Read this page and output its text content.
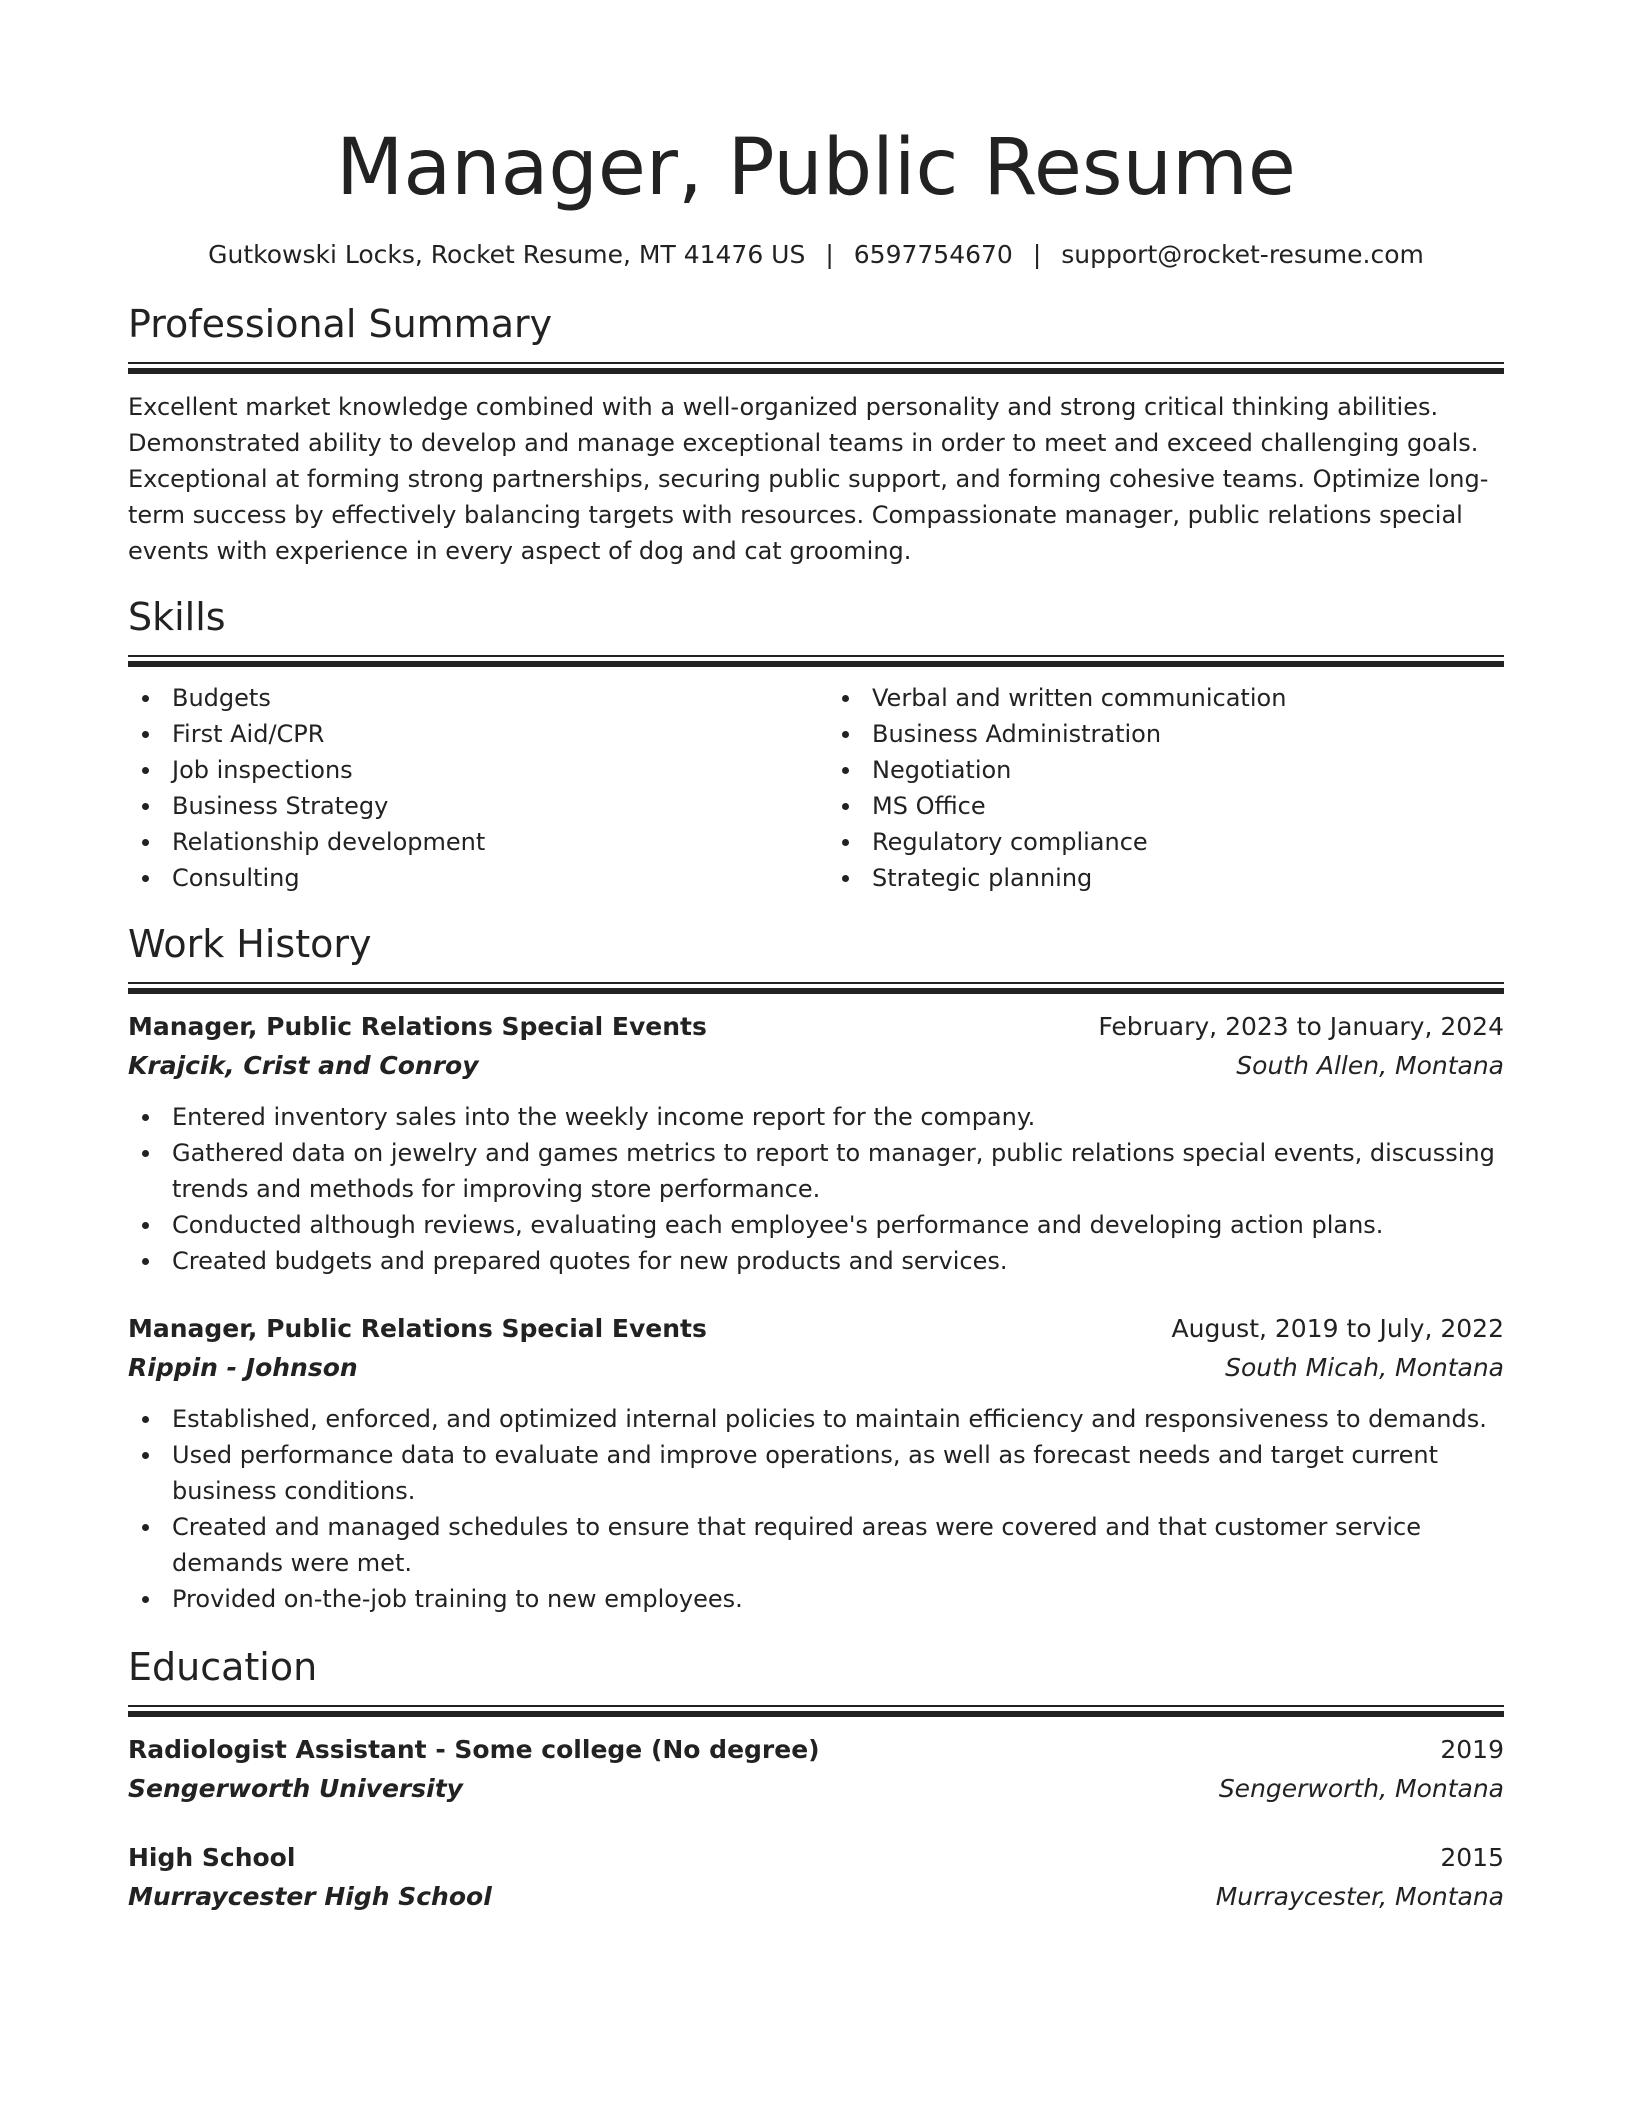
Manager, Public Resume
Gutkowski Locks, Rocket Resume, MT 41476 US | 6597754670 | support@rocket-resume.com
Professional Summary

Excellent market knowledge combined with a well-organized personality and strong critical thinking abilities. Demonstrated ability to develop and manage exceptional teams in order to meet and exceed challenging goals. Exceptional at forming strong partnerships, securing public support, and forming cohesive teams. Optimize long-term success by effectively balancing targets with resources. Compassionate manager, public relations special events with experience in every aspect of dog and cat grooming.

Skills
Budgets
First Aid/CPR
Job inspections
Business Strategy
Relationship development
Consulting
Verbal and written communication
Business Administration
Negotiation
MS Office
Regulatory compliance
Strategic planning
Work History
Manager, Public Relations Special Events	February, 2023 to January, 2024
Krajcik, Crist and Conroy	South Allen, Montana
Entered inventory sales into the weekly income report for the company.
Gathered data on jewelry and games metrics to report to manager, public relations special events, discussing trends and methods for improving store performance.
Conducted although reviews, evaluating each employee's performance and developing action plans.
Created budgets and prepared quotes for new products and services.
Manager, Public Relations Special Events	August, 2019 to July, 2022
Rippin - Johnson	South Micah, Montana
Established, enforced, and optimized internal policies to maintain efficiency and responsiveness to demands.
Used performance data to evaluate and improve operations, as well as forecast needs and target current business conditions.
Created and managed schedules to ensure that required areas were covered and that customer service demands were met.
Provided on-the-job training to new employees.
Education
Radiologist Assistant - Some college (No degree)	2019
Sengerworth University	Sengerworth, Montana
High School	2015
Murraycester High School	Murraycester, Montana
